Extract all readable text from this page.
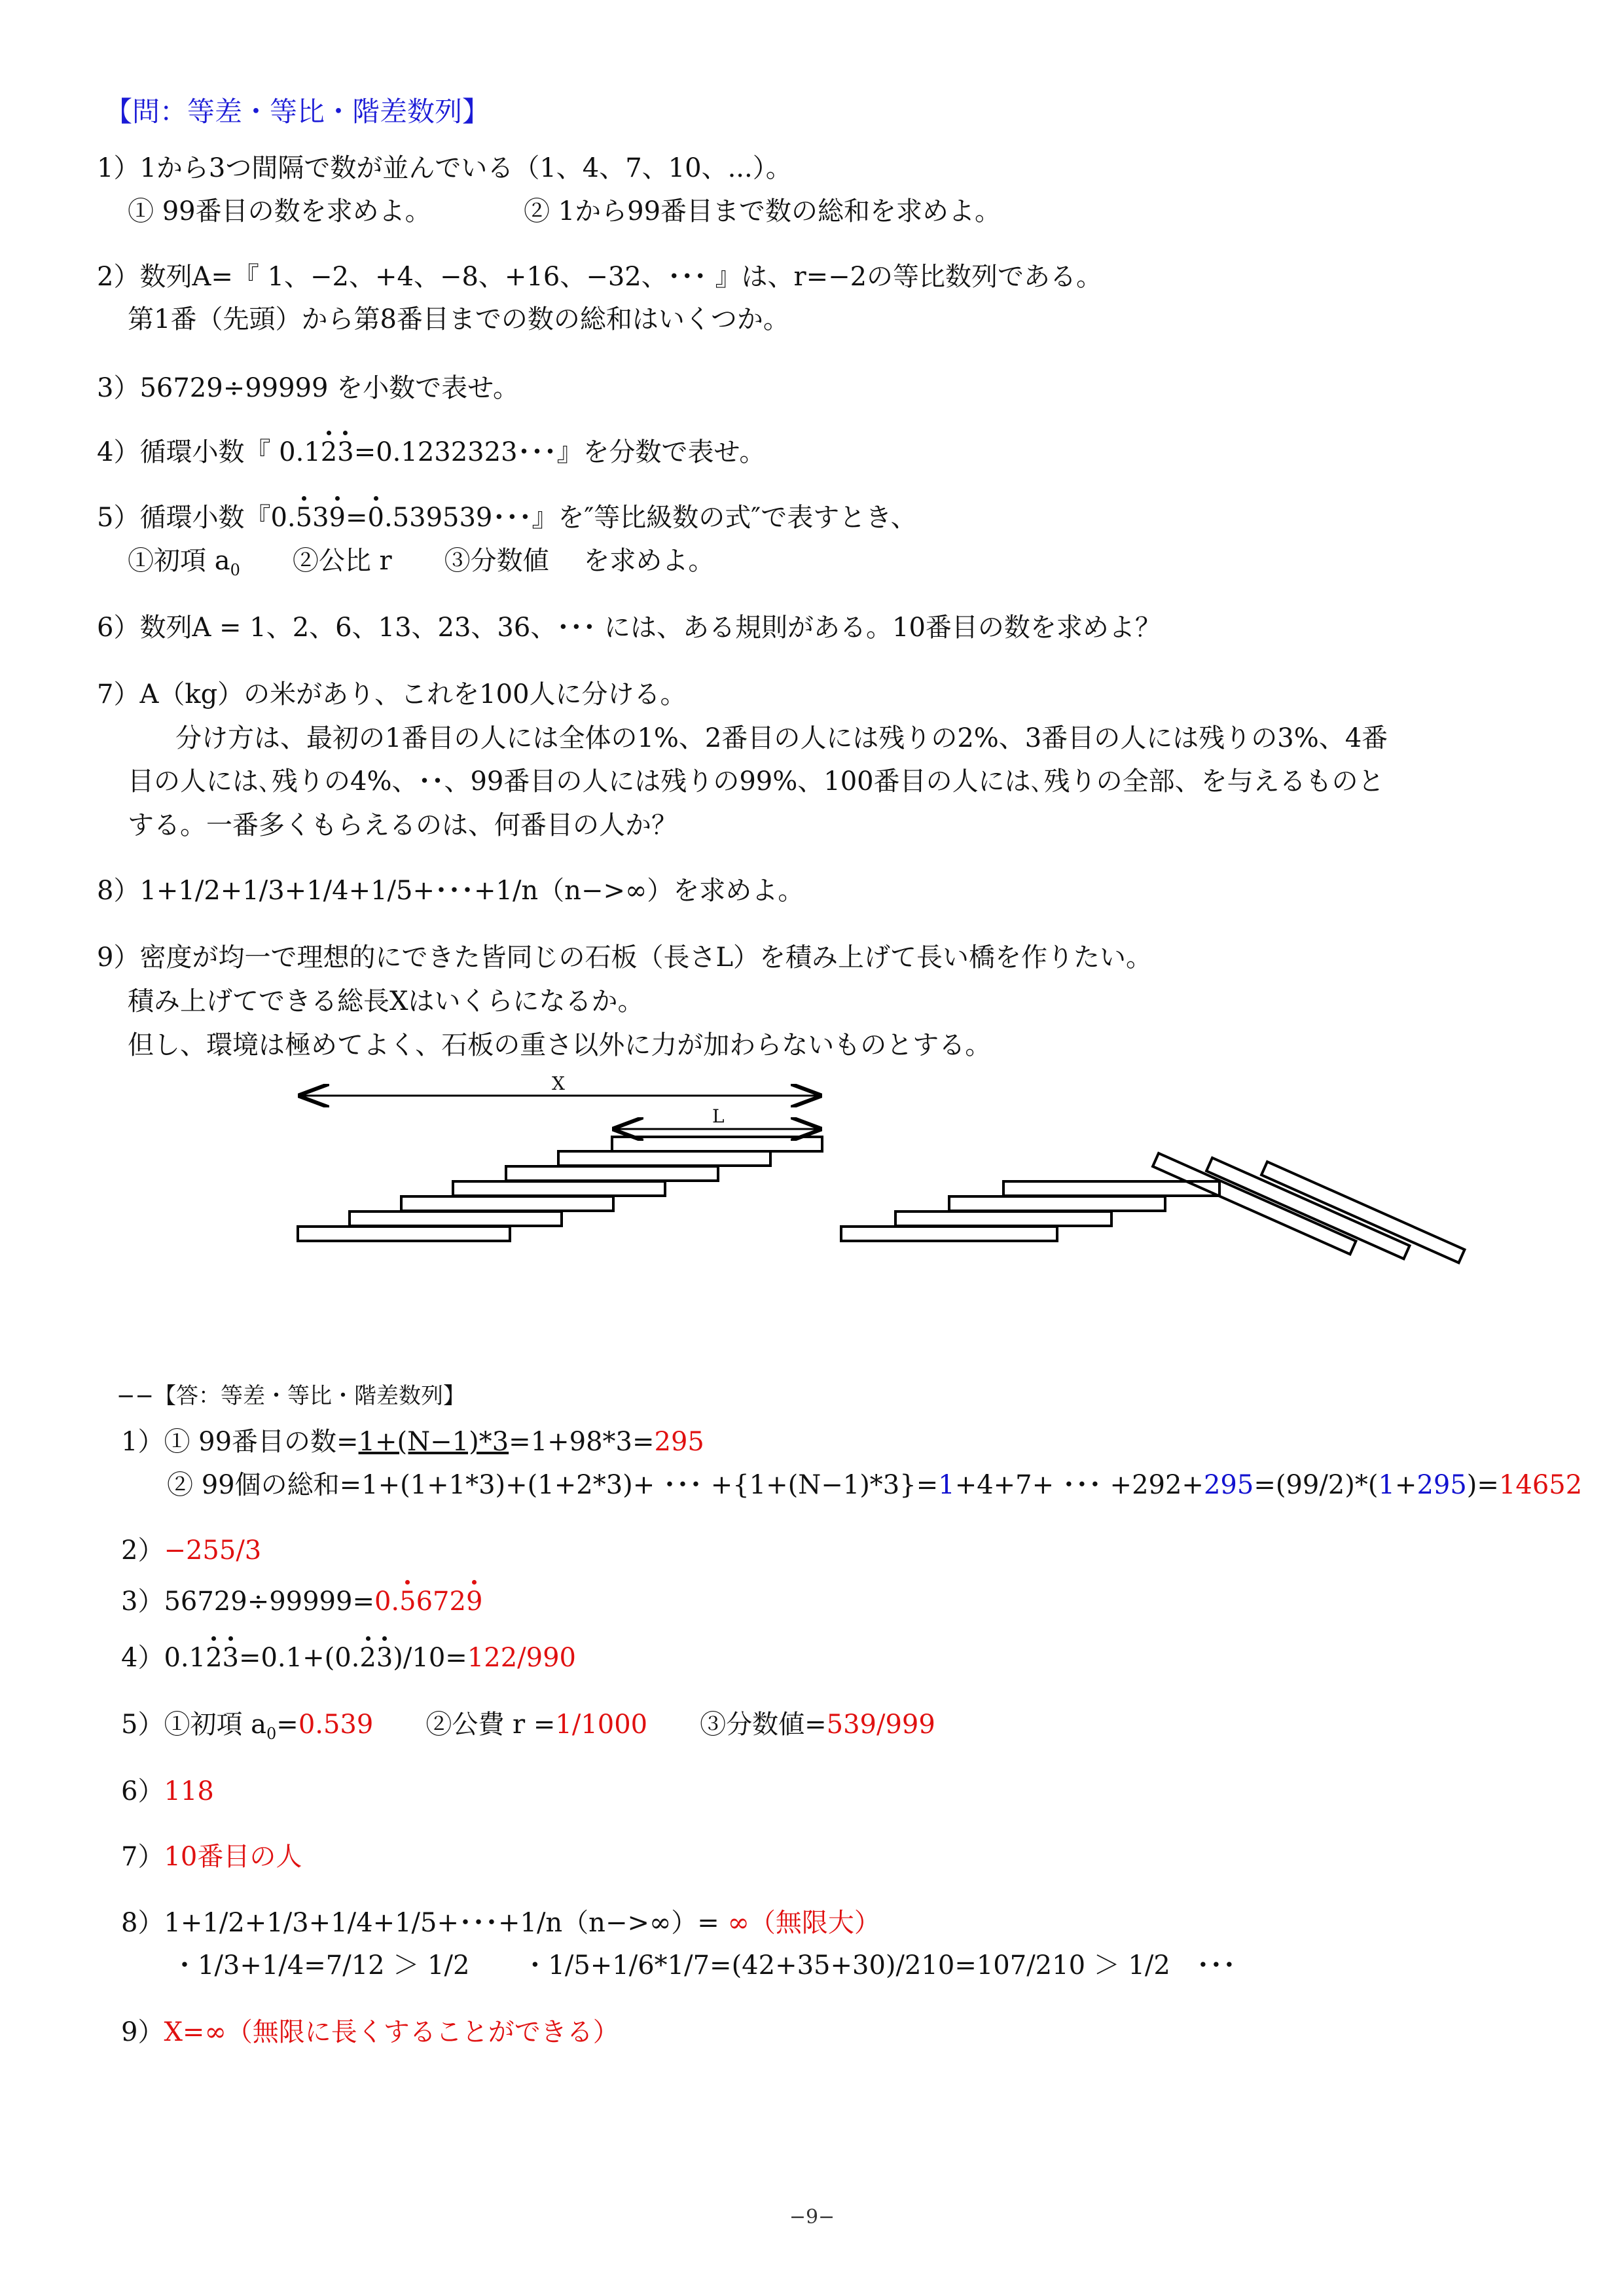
【問：等差・等比・階差数列】
1）1から3つ間隔で数が並んでいる（1、4、7、10、...）。
① 99番目の数を求めよ。	② 1から99番目まで数の総和を求めよ。
2）数列A=『 1、−2、+4、−8、+16、−32、･･･ 』は、r=−2の等比数列である。
第1番（先頭）から第8番目までの数の総和はいくつか。
3）56729÷99999 を小数で表せ。
4）循環小数『 0.123=0.1232323･･･』を分数で表せ。
5）循環小数『0.539=0.539539･･･』を″等比級数の式″で表すとき、
①初項 $a_0$　　②公比 r　　③分数値　 を求めよ。
6）数列A = 1、2、6、13、23、36、･･･ には、ある規則がある。10番目の数を求めよ？
7）A（kg）の米があり、これを100人に分ける。
分け方は、最初の1番目の人には全体の1%、2番目の人には残りの2%、3番目の人には残りの3%、4番
目の人には､残りの4%、･･、99番目の人には残りの99%、100番目の人には､残りの全部、を与えるものと
する。一番多くもらえるのは、何番目の人か？
8）1+1/2+1/3+1/4+1/5+･･･+1/n（n−>∞）を求めよ。
9）密度が均一で理想的にできた皆同じの石板（長さL）を積み上げて長い橋を作りたい。
積み上げてできる総長Xはいくらになるか。
但し、環境は極めてよく、石板の重さ以外に力が加わらないものとする。
X
L
−−【答：等差・等比・階差数列】
1）① 99番目の数=1+(N−1)*3=1+98*3=295
② 99個の総和=1+(1+1*3)+(1+2*3)+ ･･･ +{1+(N−1)*3}=1+4+7+ ･･･ +292+295=(99/2)*(1+295)=14652
2）−255/3
3）56729÷99999=0.56729
4）0.123=0.1+(0.23)/10=122/990
5）①初項 $a_0=0.539$　　②公費 r =1/1000　　③分数値=539/999
6）118
7）10番目の人
8）1+1/2+1/3+1/4+1/5+･･･+1/n（n−>∞）= ∞（無限大）
・1/3+1/4=7/12 ＞ 1/2　　・1/5+1/6*1/7=(42+35+30)/210=107/210 ＞ 1/2　･･･
9）X=∞（無限に長くすることができる）
−9−
